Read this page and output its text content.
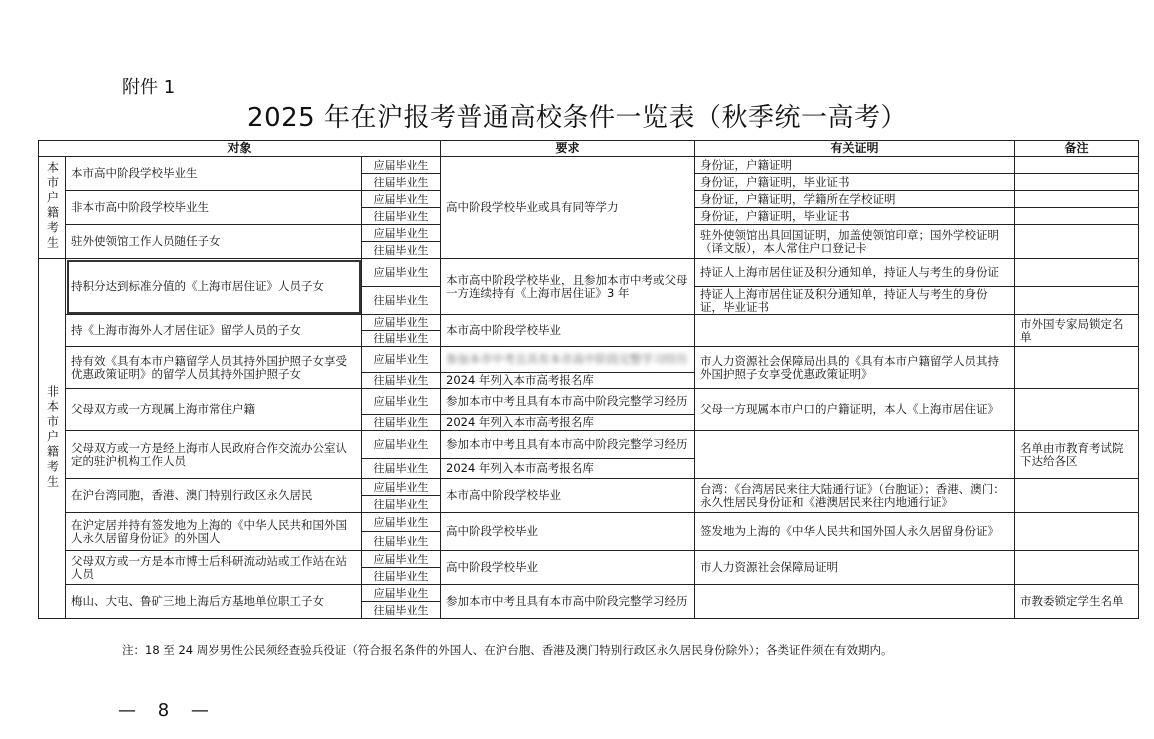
附件 1
2025 年在沪报考普通高校条件一览表（秋季统一高考）
对象			要求	有关证明	备注
本市户籍考生	本市高中阶段学校毕业生	应届毕业生	高中阶段学校毕业或具有同等学力	身份证，户籍证明	
		往届毕业生		身份证，户籍证明，毕业证书	
	非本市高中阶段学校毕业生	应届毕业生		身份证，户籍证明，学籍所在学校证明	
		往届毕业生		身份证，户籍证明，毕业证书	
	驻外使领馆工作人员随任子女	应届毕业生		驻外使领馆出具回国证明，加盖使领馆印章；国外学校证明（译文版），本人常住户口登记卡	
		往届毕业生			
非本市户籍考生	持积分达到标准分值的《上海市居住证》人员子女	应届毕业生	本市高中阶段学校毕业，且参加本市中考或父母一方连续持有《上海市居住证》3 年	持证人上海市居住证及积分通知单，持证人与考生的身份证	
		往届毕业生		持证人上海市居住证及积分通知单，持证人与考生的身份证，毕业证书	
	持《上海市海外人才居住证》留学人员的子女	应届毕业生	本市高中阶段学校毕业		市外国专家局锁定名单
		往届毕业生			
	持有效《具有本市户籍留学人员其持外国护照子女享受优惠政策证明》的留学人员其持外国护照子女	应届毕业生	参加本市中考且具有本市高中阶段完整学习经历	市人力资源社会保障局出具的《具有本市户籍留学人员其持外国护照子女享受优惠政策证明》	
		往届毕业生	2024 年列入本市高考报名库		
	父母双方或一方现属上海市常住户籍	应届毕业生	参加本市中考且具有本市高中阶段完整学习经历	父母一方现属本市户口的户籍证明，本人《上海市居住证》	
		往届毕业生	2024 年列入本市高考报名库		
	父母双方或一方是经上海市人民政府合作交流办公室认定的驻沪机构工作人员	应届毕业生	参加本市中考且具有本市高中阶段完整学习经历		名单由市教育考试院下达给各区
		往届毕业生	2024 年列入本市高考报名库		
	在沪台湾同胞，香港、澳门特别行政区永久居民	应届毕业生	本市高中阶段学校毕业	台湾：《台湾居民来往大陆通行证》（台胞证）；香港、澳门：永久性居民身份证和《港澳居民来往内地通行证》	
		往届毕业生			
	在沪定居并持有签发地为上海的《中华人民共和国外国人永久居留身份证》的外国人	应届毕业生	高中阶段学校毕业	签发地为上海的《中华人民共和国外国人永久居留身份证》	
		往届毕业生			
	父母双方或一方是本市博士后科研流动站或工作站在站人员	应届毕业生	高中阶段学校毕业	市人力资源社会保障局证明	
		往届毕业生			
	梅山、大屯、鲁矿三地上海后方基地单位职工子女	应届毕业生	参加本市中考且具有本市高中阶段完整学习经历		市教委锁定学生名单
		往届毕业生			
注：18 至 24 周岁男性公民须经查验兵役证（符合报名条件的外国人、在沪台胞、香港及澳门特别行政区永久居民身份除外）；各类证件须在有效期内。
— 8 —
